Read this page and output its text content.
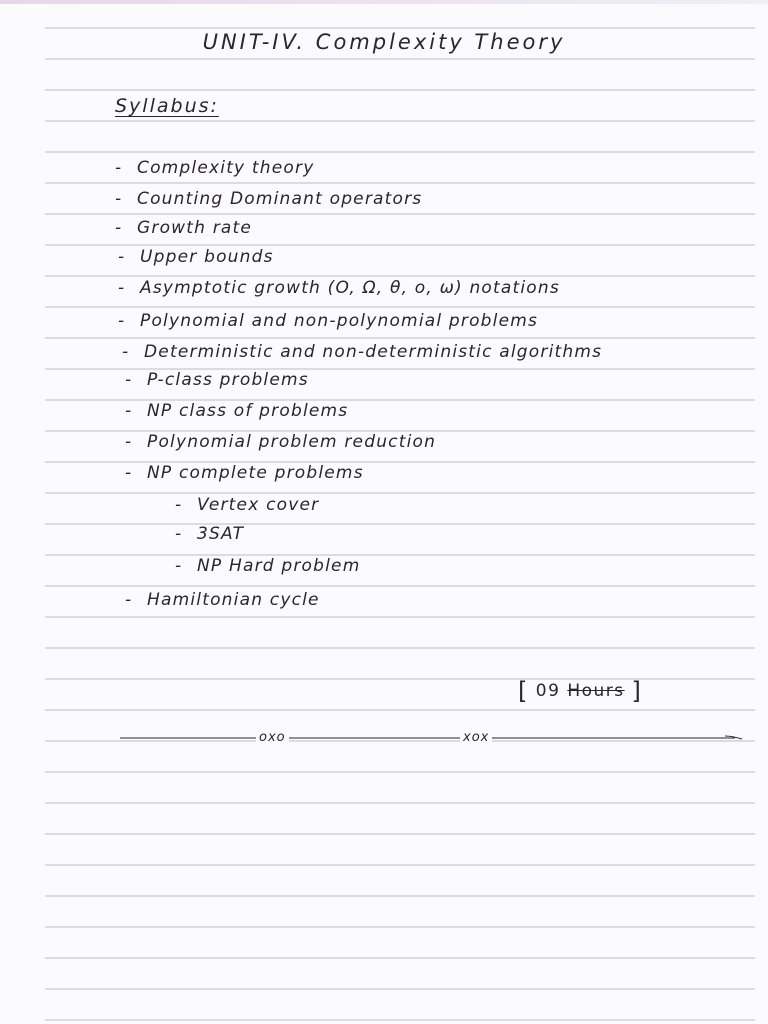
UNIT-IV. Complexity Theory
Syllabus:
- Complexity theory
- Counting Dominant operators
- Growth rate
- Upper bounds
- Asymptotic growth (O, Ω, θ, o, ω) notations
- Polynomial and non-polynomial problems
- Deterministic and non-deterministic algorithms
- P-class problems
- NP class of problems
- Polynomial problem reduction
- NP complete problems
- Vertex cover
- 3SAT
- NP Hard problem
- Hamiltonian cycle
[ 09 Hours ]
oxo	xox
